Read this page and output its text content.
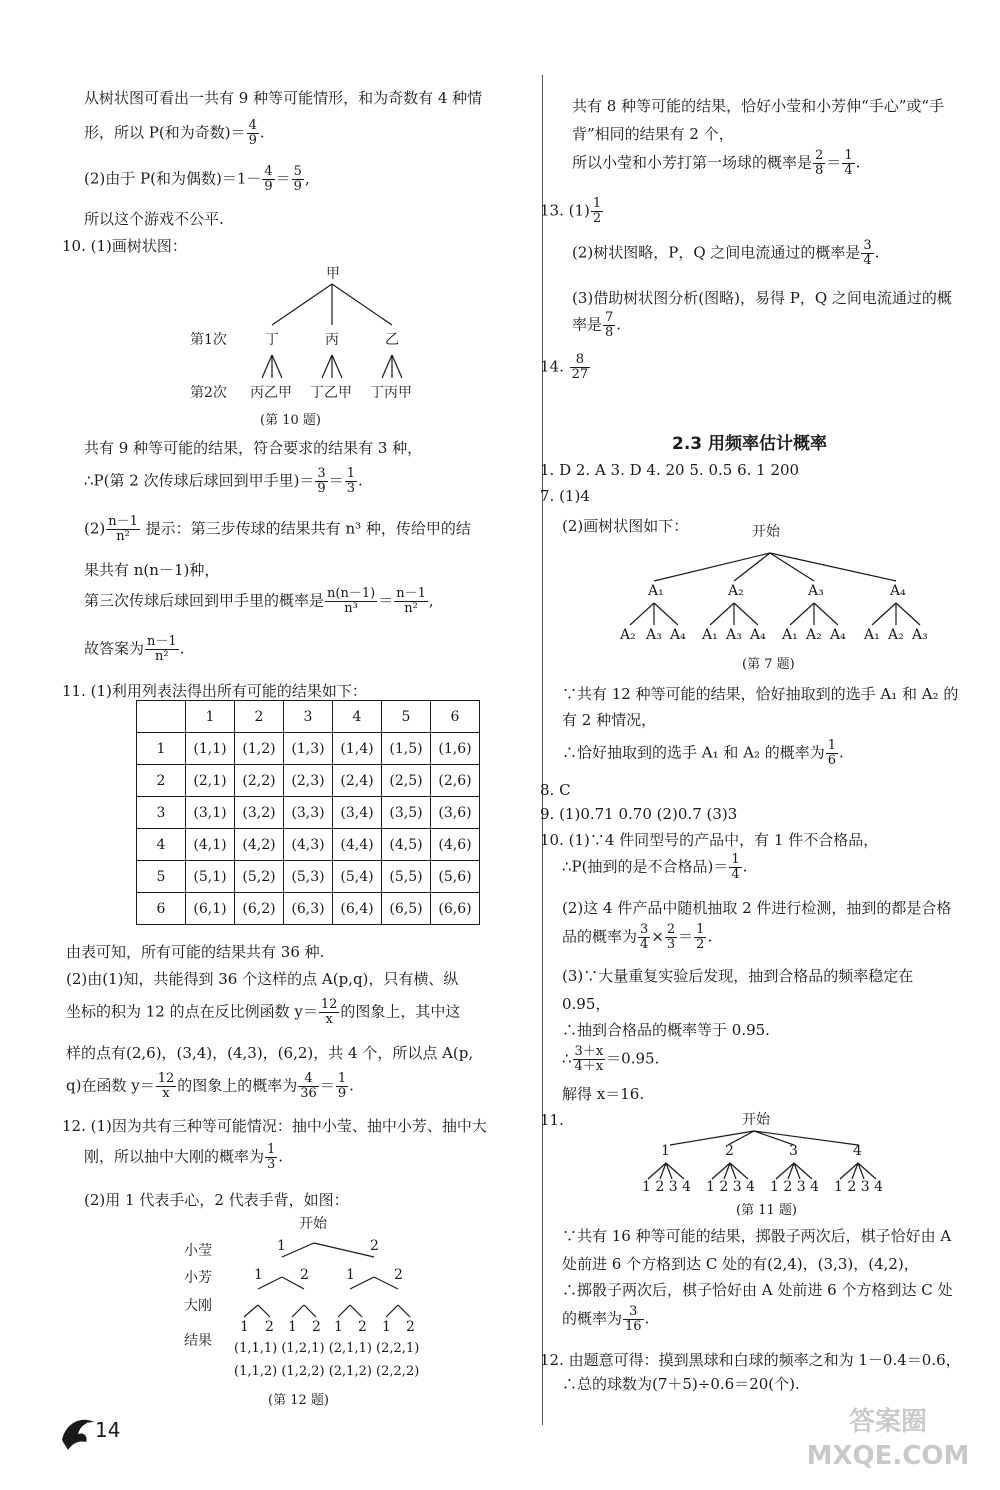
从树状图可看出一共有 9 种等可能情形，和为奇数有 4 种情
形，所以 P(和为奇数)＝ $\frac{4}{9}$ .
(2)由于 P(和为偶数)$=1- \frac{4}{9} = \frac{5}{9}$ ,
所以这个游戏不公平.
10. (1)画树状图：
甲
第1次	丁	丙	乙
第2次 丙乙甲 丁乙甲 丁丙甲
(第 10 题)
共有 9 种等可能的结果，符合要求的结果有 3 种，
∴P(第 2 次传球后球回到甲手里)＝ $\frac{3}{9} = \frac{1}{3}$ .
$(2) \frac{n-1}{\text{n²}}$ 提示：第三步传球的结果共有 n³ 种，传给甲的结
果共有 n(n－1)种，
第三次传球后球回到甲手里的概率是 $\frac{n(n-1)}{\text{n³}} = \frac{n-1}{\text{n²}}$ ,
故答案为 $\frac{n-1}{\text{n²}}$ .
11. (1)利用列表法得出所有可能的结果如下：
	1	2	3	4	5	6
1	(1,1)	(1,2)	(1,3)	(1,4)	(1,5)	(1,6)
2	(2,1)	(2,2)	(2,3)	(2,4)	(2,5)	(2,6)
3	(3,1)	(3,2)	(3,3)	(3,4)	(3,5)	(3,6)
4	(4,1)	(4,2)	(4,3)	(4,4)	(4,5)	(4,6)
5	(5,1)	(5,2)	(5,3)	(5,4)	(5,5)	(5,6)
6	(6,1)	(6,2)	(6,3)	(6,4)	(6,5)	(6,6)
由表可知，所有可能的结果共有 36 种.
(2)由(1)知，共能得到 36 个这样的点 A(p,q)，只有横、纵
坐标的积为 12 的点在反比例函数 $y= \frac{12}{x}$ 的图象上，其中这
样的点有(2,6)，(3,4)，(4,3)，(6,2)，共 4 个，所以点 A(p,
q)在函数 $y= \frac{12}{x}$ 的图象上的概率为 $\frac{4}{36} = \frac{1}{9}$ .
12. (1)因为共有三种等可能情况：抽中小莹、抽中小芳、抽中大
刚，所以抽中大刚的概率为 $\frac{1}{3}$ .
(2)用 1 代表手心，2 代表手背，如图：
开始
小莹	1	2
小芳	1	2	1	2
大刚
1 2 1 2 1 2 1 2
结果 (1,1,1) (1,2,1) (2,1,1) (2,2,1)
(1,1,2) (1,2,2) (2,1,2) (2,2,2)
(第 12 题)
共有 8 种等可能的结果，恰好小莹和小芳伸“手心”或“手
背”相同的结果有 2 个，
所以小莹和小芳打第一场球的概率是 $\frac{2}{8} = \frac{1}{4}$ .
13. $(1) \frac{1}{2}$
(2)树状图略，P，Q 之间电流通过的概率是 $\frac{3}{4}$ .
(3)借助树状图分析(图略)，易得 P，Q 之间电流通过的概
率是 $\frac{7}{8}$ .
14. $\frac{8}{27}$
2.3 用频率估计概率
1. D 2. A 3. D 4. 20 5. 0.5 6. 1 200
7. (1)4
(2)画树状图如下：	开始
A₁	A₂	A₃	A₄
A₂ A₃ A₄ A₁ A₃ A₄ A₁ A₂ A₄ A₁ A₂ A₃
(第 7 题)
∵共有 12 种等可能的结果，恰好抽取到的选手 A₁ 和 A₂ 的
有 2 种情况，
∴恰好抽取到的选手 A₁ 和 A₂ 的概率为 $\frac{1}{6}$ .
8. C
9. (1)0.71 0.70 (2)0.7 (3)3
10. (1)∵4 件同型号的产品中，有 1 件不合格品，
∴P(抽到的是不合格品)＝ $\frac{1}{4}$ .
(2)这 4 件产品中随机抽取 2 件进行检测，抽到的都是合格
品的概率为 $\frac{3}{4} \times \frac{2}{3} = \frac{1}{2}$ .
(3)∵大量重复实验后发现，抽到合格品的频率稳定在
0.95，
∴抽到合格品的概率等于 0.95.
∴ $\frac{3+x}{4+x} =0.95$.
解得 x＝16.
11.	开始
1	2	3	4
1 2 3 4 1 2 3 4 1 2 3 4 1 2 3 4
(第 11 题)
∵共有 16 种等可能的结果，掷骰子两次后，棋子恰好由 A
处前进 6 个方格到达 C 处的有(2,4)，(3,3)，(4,2)，
∴掷骰子两次后，棋子恰好由 A 处前进 6 个方格到达 C 处
的概率为 $\frac{3}{16}$ .
12. 由题意可得：摸到黑球和白球的频率之和为 1－0.4＝0.6，
∴总的球数为(7＋5)÷0.6＝20(个).
14	答案圈 MXQE.COM
